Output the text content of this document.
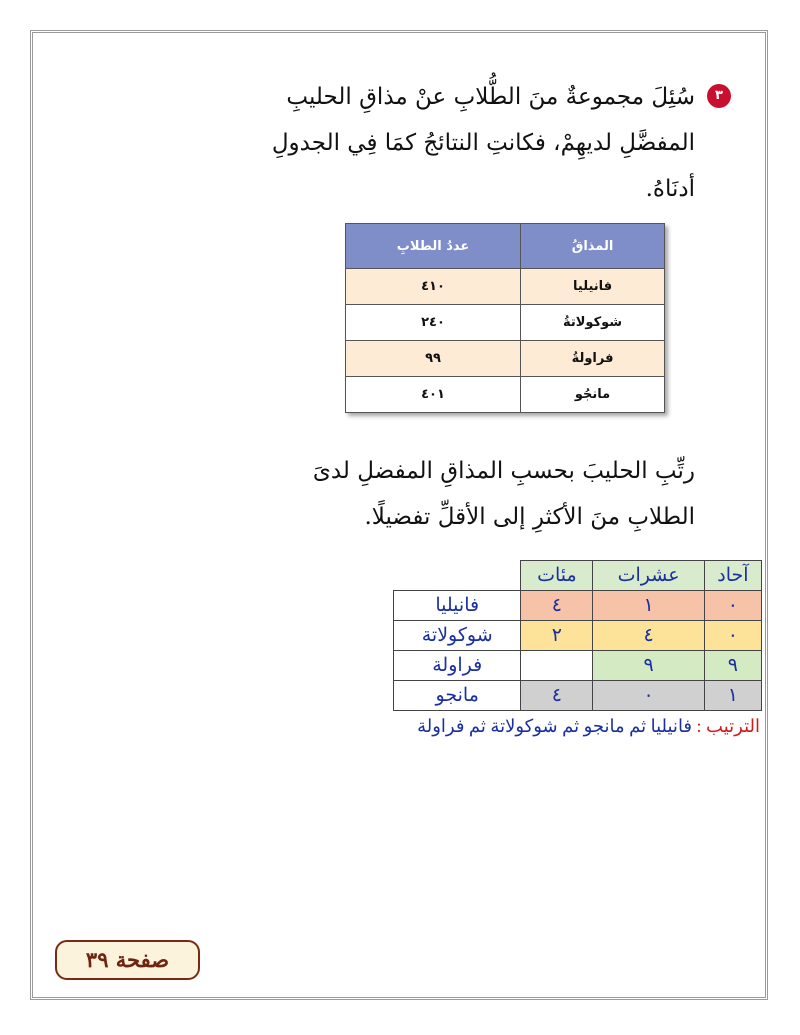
٣
سُئِلَ مجموعةٌ منَ الطُّلابِ عنْ مذاقِ الحليبِ المفضَّلِ لديهِمْ، فكانتِ النتائجُ كمَا فِي الجدولِ أدنَاهُ.
المذاقُ	عددُ الطلابِ
فانيليا	٤١٠
شوكولاتةُ	٢٤٠
فراولةُ	٩٩
مانجُو	٤٠١
رتِّبِ الحليبَ بحسبِ المذاقِ المفضلِ لدىَ الطلابِ منَ الأكثرِ إلى الأقلِّ تفضيلًا.
آحاد	عشرات	مئات	
٠	١	٤	فانيليا
٠	٤	٢	شوكولاتة
٩	٩		فراولة
١	٠	٤	مانجو
الترتيب : فانيليا ثم مانجو ثم شوكولاتة ثم فراولة
صفحة ٣٩
